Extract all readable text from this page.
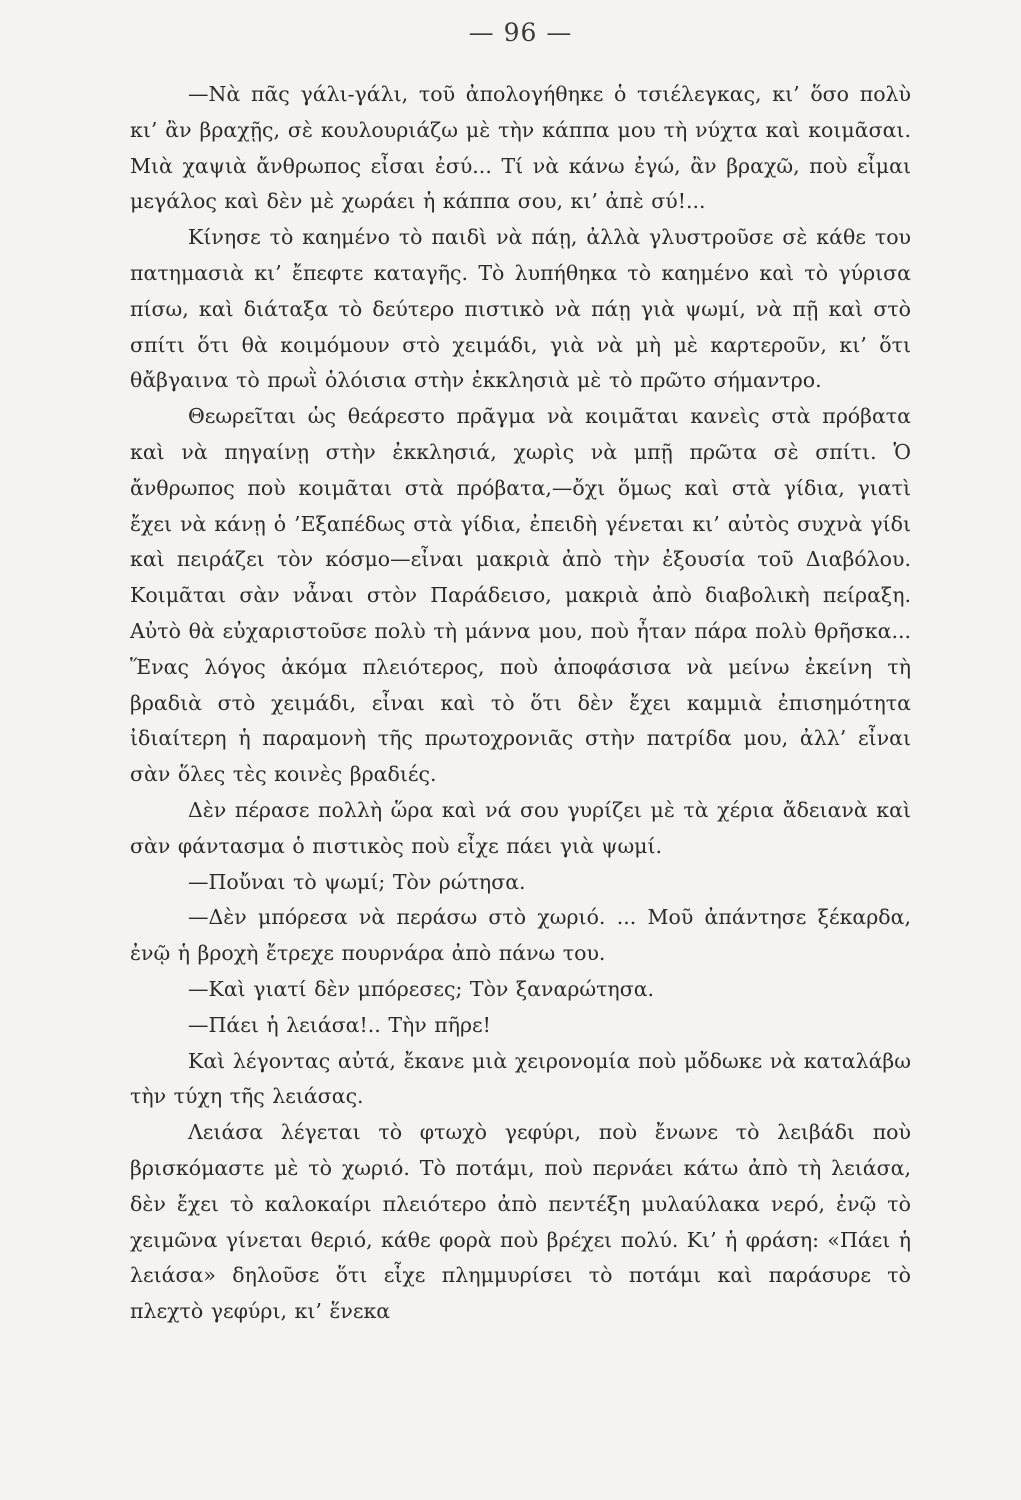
— 96 —

—Νὰ πᾶς γάλι-γάλι, τοῦ ἀπολογήθηκε ὁ τσιέλεγκας, κι’ ὅσο πολὺ κι’ ἂν βραχῇς, σὲ κουλουριάζω μὲ τὴν κάππα μου τὴ νύχτα καὶ κοιμᾶσαι. Μιὰ χαψιὰ ἄνθρωπος εἶσαι ἐσύ... Τί νὰ κάνω ἐγώ, ἂν βραχῶ, ποὺ εἶμαι μεγάλος καὶ δὲν μὲ χωράει ἡ κάππα σου, κι’ ἀπὲ σύ!...

Κίνησε τὸ καημένο τὸ παιδὶ νὰ πάῃ, ἀλλὰ γλυστροῦσε σὲ κάθε του πατημασιὰ κι’ ἔπεφτε καταγῆς. Τὸ λυπήθηκα τὸ καημένο καὶ τὸ γύρισα πίσω, καὶ διάταξα τὸ δεύτερο πιστικὸ νὰ πάῃ γιὰ ψωμί, νὰ πῇ καὶ στὸ σπίτι ὅτι θὰ κοιμόμουν στὸ χειμάδι, γιὰ νὰ μὴ μὲ καρτεροῦν, κι’ ὅτι θἄβγαινα τὸ πρωῒ ὁλόισια στὴν ἐκκλησιὰ μὲ τὸ πρῶτο σήμαντρο.

Θεωρεῖται ὡς θεάρεστο πρᾶγμα νὰ κοιμᾶται κανεὶς στὰ πρόβατα καὶ νὰ πηγαίνῃ στὴν ἐκκλησιά, χωρὶς νὰ μπῇ πρῶτα σὲ σπίτι. Ὁ ἄνθρωπος ποὺ κοιμᾶται στὰ πρόβατα,—ὄχι ὅμως καὶ στὰ γίδια, γιατὶ ἔχει νὰ κάνῃ ὁ ’Εξαπέδως στὰ γίδια, ἐπειδὴ γένεται κι’ αὐτὸς συχνὰ γίδι καὶ πειράζει τὸν κόσμο—εἶναι μακριὰ ἀπὸ τὴν ἐξουσία τοῦ Διαβόλου. Κοιμᾶται σὰν νἆναι στὸν Παράδεισο, μακριὰ ἀπὸ διαβολικὴ πείραξη. Αὐτὸ θὰ εὐχαριστοῦσε πολὺ τὴ μάννα μου, ποὺ ἦταν πάρα πολὺ θρῆσκα... Ἕνας λόγος ἀκόμα πλειότερος, ποὺ ἀποφάσισα νὰ μείνω ἐκείνη τὴ βραδιὰ στὸ χειμάδι, εἶναι καὶ τὸ ὅτι δὲν ἔχει καμμιὰ ἐπισημότητα ἰδιαίτερη ἡ παραμονὴ τῆς πρωτοχρονιᾶς στὴν πατρίδα μου, ἀλλ’ εἶναι σὰν ὅλες τὲς κοινὲς βραδιές.

Δὲν πέρασε πολλὴ ὥρα καὶ νά σου γυρίζει μὲ τὰ χέρια ἄδειανὰ καὶ σὰν φάντασμα ὁ πιστικὸς ποὺ εἶχε πάει γιὰ ψωμί.

—Ποὔναι τὸ ψωμί; Τὸν ρώτησα.

—Δὲν μπόρεσα νὰ περάσω στὸ χωριό. ... Μοῦ ἀπάντησε ξέκαρδα, ἐνῷ ἡ βροχὴ ἔτρεχε πουρνάρα ἀπὸ πάνω του.

—Καὶ γιατί δὲν μπόρεσες; Τὸν ξαναρώτησα.

—Πάει ἡ λειάσα!.. Τὴν πῆρε!

Καὶ λέγοντας αὐτά, ἔκανε μιὰ χειρονομία ποὺ μὄδωκε νὰ καταλάβω τὴν τύχη τῆς λειάσας.

Λειάσα λέγεται τὸ φτωχὸ γεφύρι, ποὺ ἔνωνε τὸ λειβάδι ποὺ βρισκόμαστε μὲ τὸ χωριό. Τὸ ποτάμι, ποὺ περνάει κάτω ἀπὸ τὴ λειάσα, δὲν ἔχει τὸ καλοκαίρι πλειότερο ἀπὸ πεντέξη μυλαύλακα νερό, ἐνῷ τὸ χειμῶνα γίνεται θεριό, κάθε φορὰ ποὺ βρέχει πολύ. Κι’ ἡ φράση: «Πάει ἡ λειάσα» δηλοῦσε ὅτι εἶχε πλημμυρίσει τὸ ποτάμι καὶ παράσυρε τὸ πλεχτὸ γεφύρι, κι’ ἕνεκα
